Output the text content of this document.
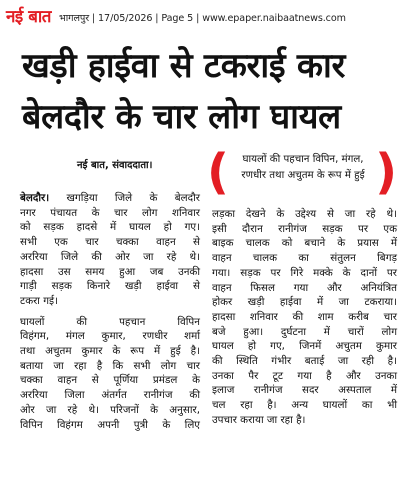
नई बात भागलपुर | 17/05/2026 | Page 5 | www.epaper.naibaatnews.com
खड़ी हाईवा से टकराई कार
बेलदौर के चार लोग घायल
नई बात, संवाददाता। (	घायलों की पहचान विपिन, मंगल,
रणधीर तथा अचुतम के रूप में हुई )

बेलदौर। खगड़िया जिले के बेलदौर

नगर पंचायत के चार लोग शनिवार

को सड़क हादसे में घायल हो गए।

सभी एक चार चक्का वाहन से

अररिया जिले की ओर जा रहे थे।

हादसा उस समय हुआ जब उनकी

गाड़ी सड़क किनारे खड़ी हाईवा से

टकरा गई।

घायलों की पहचान विपिन

विहंगम, मंगल कुमार, रणधीर शर्मा

तथा अचुतम कुमार के रूप में हुई है।

बताया जा रहा है कि सभी लोग चार

चक्का वाहन से पूर्णिया प्रमंडल के

अररिया जिला अंतर्गत रानीगंज की

ओर जा रहे थे। परिजनों के अनुसार,

विपिन विहंगम अपनी पुत्री के लिए

लड़का देखने के उद्देश्य से जा रहे थे।

इसी दौरान रानीगंज सड़क पर एक

बाइक चालक को बचाने के प्रयास में

वाहन चालक का संतुलन बिगड़

गया। सड़क पर गिरे मक्के के दानों पर

वाहन फिसल गया और अनियंत्रित

होकर खड़ी हाईवा में जा टकराया।

हादसा शनिवार की शाम करीब चार

बजे हुआ। दुर्घटना में चारों लोग

घायल हो गए, जिनमें अचुतम कुमार

की स्थिति गंभीर बताई जा रही है।

उनका पैर टूट गया है और उनका

इलाज रानीगंज सदर अस्पताल में

चल रहा है। अन्य घायलों का भी

उपचार कराया जा रहा है।
